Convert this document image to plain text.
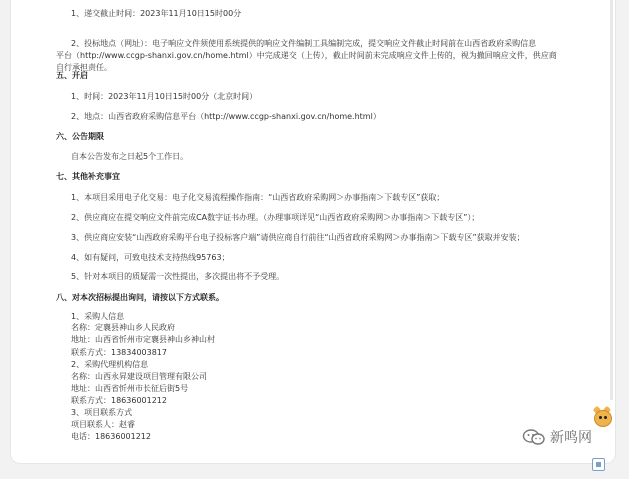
1、递交截止时间：2023年11月10日15时00分
2、投标地点（网址）：电子响应文件须使用系统提供的响应文件编制工具编制完成，提交响应文件截止时间前在山西省政府采购信息
平台（http://www.ccgp-shanxi.gov.cn/home.html）中完成递交（上传），截止时间前未完成响应文件上传的，视为撤回响应文件，供应商
自行承担责任。
五、开启
1、时间：2023年11月10日15时00分（北京时间）
2、地点：山西省政府采购信息平台（http://www.ccgp-shanxi.gov.cn/home.html）
六、公告期限
自本公告发布之日起5个工作日。
七、其他补充事宜
1、本项目采用电子化交易：电子化交易流程操作指南：“山西省政府采购网＞办事指南＞下载专区”获取；
2、供应商应在提交响应文件前完成CA数字证书办理。（办理事项详见“山西省政府采购网＞办事指南＞下载专区”）；
3、供应商应安装“山西政府采购平台电子投标客户端”请供应商自行前往“山西省政府采购网＞办事指南＞下载专区”获取并安装；
4、如有疑问，可致电技术支持热线95763；
5、针对本项目的质疑需一次性提出，多次提出将不予受理。
八、对本次招标提出询问，请按以下方式联系。
1、采购人信息
名称：定襄县神山乡人民政府
地址：山西省忻州市定襄县神山乡神山村
联系方式：13834003817
2、采购代理机构信息
名称：山西永昇建设项目管理有限公司
地址：山西省忻州市长征后街5号
联系方式：18636001212
3、项目联系方式
项目联系人：赵睿
电话：18636001212	新鸣网
